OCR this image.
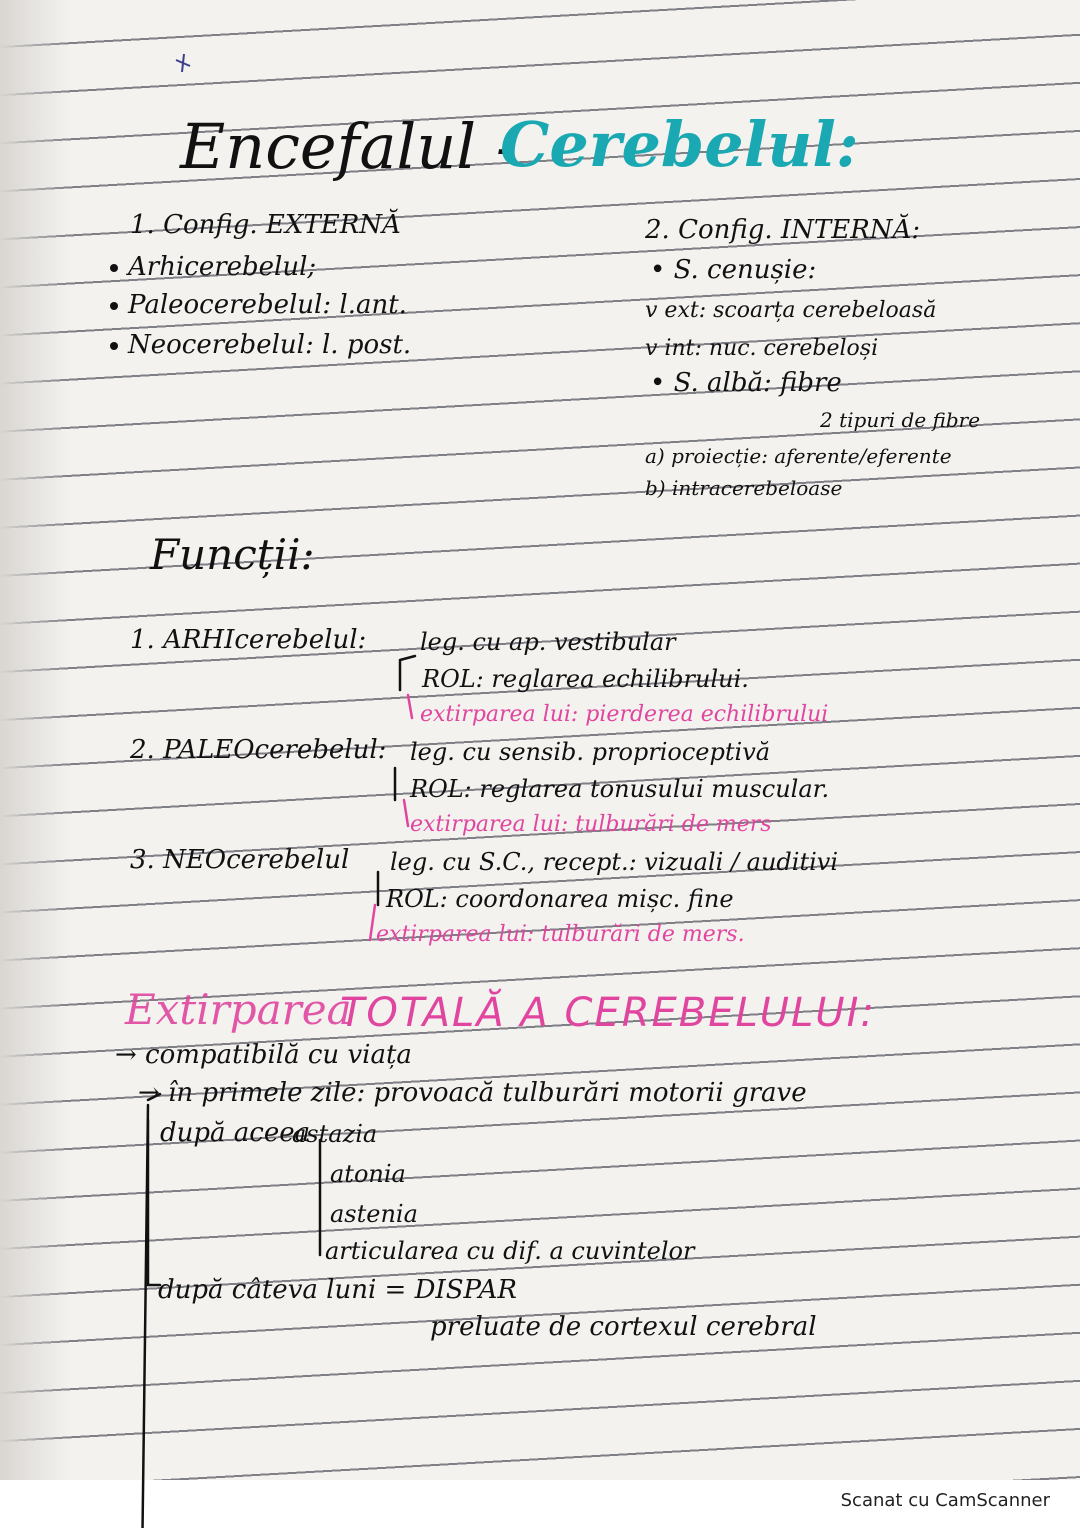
Encefalul -
Cerebelul:
1. Config. EXTERNĂ
Arhicerebelul;
Paleocerebelul: l.ant.
Neocerebelul: l. post.
2. Config. INTERNĂ:
• S. cenușie:
v ext: scoarța cerebeloasă
v int: nuc. cerebeloși
• S. albă: fibre
2 tipuri de fibre
a) proiecție: aferente/eferente
b) intracerebeloase
Funcții:
1. ARHIcerebelul: leg. cu ap. vestibular
ROL: reglarea echilibrului.
extirparea lui: pierderea echilibrului
2. PALEOcerebelul: leg. cu sensib. proprioceptivă
ROL: reglarea tonusului muscular.
extirparea lui: tulburări de mers
3. NEOcerebelul leg. cu S.C., recept.: vizuali / auditivi
ROL: coordonarea mișc. fine
extirparea lui: tulburări de mers.
Extirparea
TOTALĂ A CEREBELULUI:
→ compatibilă cu viața
→ în primele zile: provoacă tulburări motorii grave
după aceea
astazia
atonia
astenia
articularea cu dif. a cuvintelor
după câteva luni = DISPAR
preluate de cortexul cerebral
Scanat cu CamScanner
